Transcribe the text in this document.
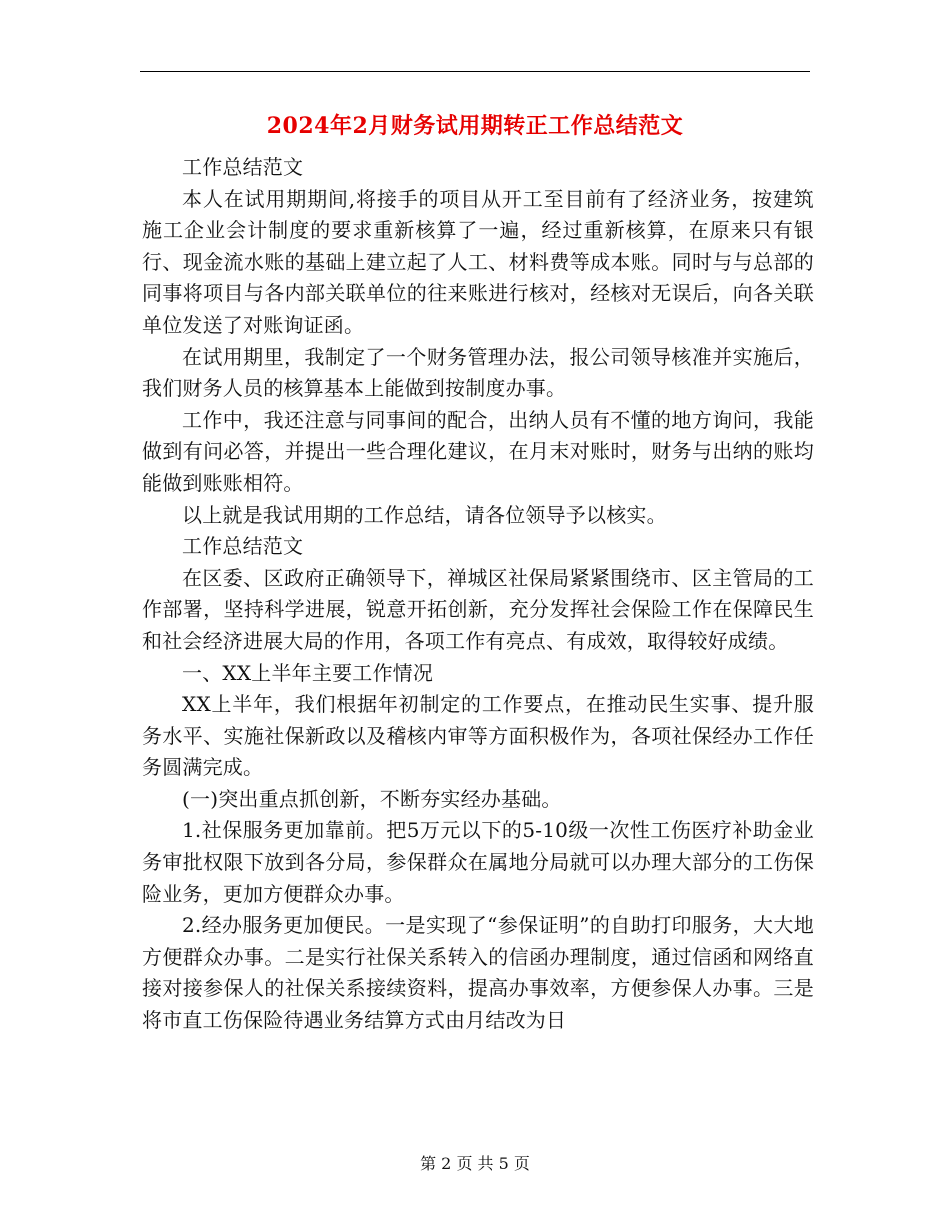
2024年2月财务试用期转正工作总结范文

工作总结范文

本人在试用期期间,将接手的项目从开工至目前有了经济业务，按建筑施工企业会计制度的要求重新核算了一遍，经过重新核算，在原来只有银行、现金流水账的基础上建立起了人工、材料费等成本账。同时与与总部的同事将项目与各内部关联单位的往来账进行核对，经核对无误后，向各关联单位发送了对账询证函。

在试用期里，我制定了一个财务管理办法，报公司领导核准并实施后，我们财务人员的核算基本上能做到按制度办事。

工作中，我还注意与同事间的配合，出纳人员有不懂的地方询问，我能做到有问必答，并提出一些合理化建议，在月末对账时，财务与出纳的账均能做到账账相符。

以上就是我试用期的工作总结，请各位领导予以核实。

工作总结范文

在区委、区政府正确领导下，禅城区社保局紧紧围绕市、区主管局的工作部署，坚持科学进展，锐意开拓创新，充分发挥社会保险工作在保障民生和社会经济进展大局的作用，各项工作有亮点、有成效，取得较好成绩。

一、XX上半年主要工作情况

XX上半年，我们根据年初制定的工作要点，在推动民生实事、提升服务水平、实施社保新政以及稽核内审等方面积极作为，各项社保经办工作任务圆满完成。

(一)突出重点抓创新，不断夯实经办基础。

1.社保服务更加靠前。把5万元以下的5-10级一次性工伤医疗补助金业务审批权限下放到各分局，参保群众在属地分局就可以办理大部分的工伤保险业务，更加方便群众办事。

2.经办服务更加便民。一是实现了“参保证明”的自助打印服务，大大地方便群众办事。二是实行社保关系转入的信函办理制度，通过信函和网络直接对接参保人的社保关系接续资料，提高办事效率，方便参保人办事。三是将市直工伤保险待遇业务结算方式由月结改为日

第 2 页 共 5 页
